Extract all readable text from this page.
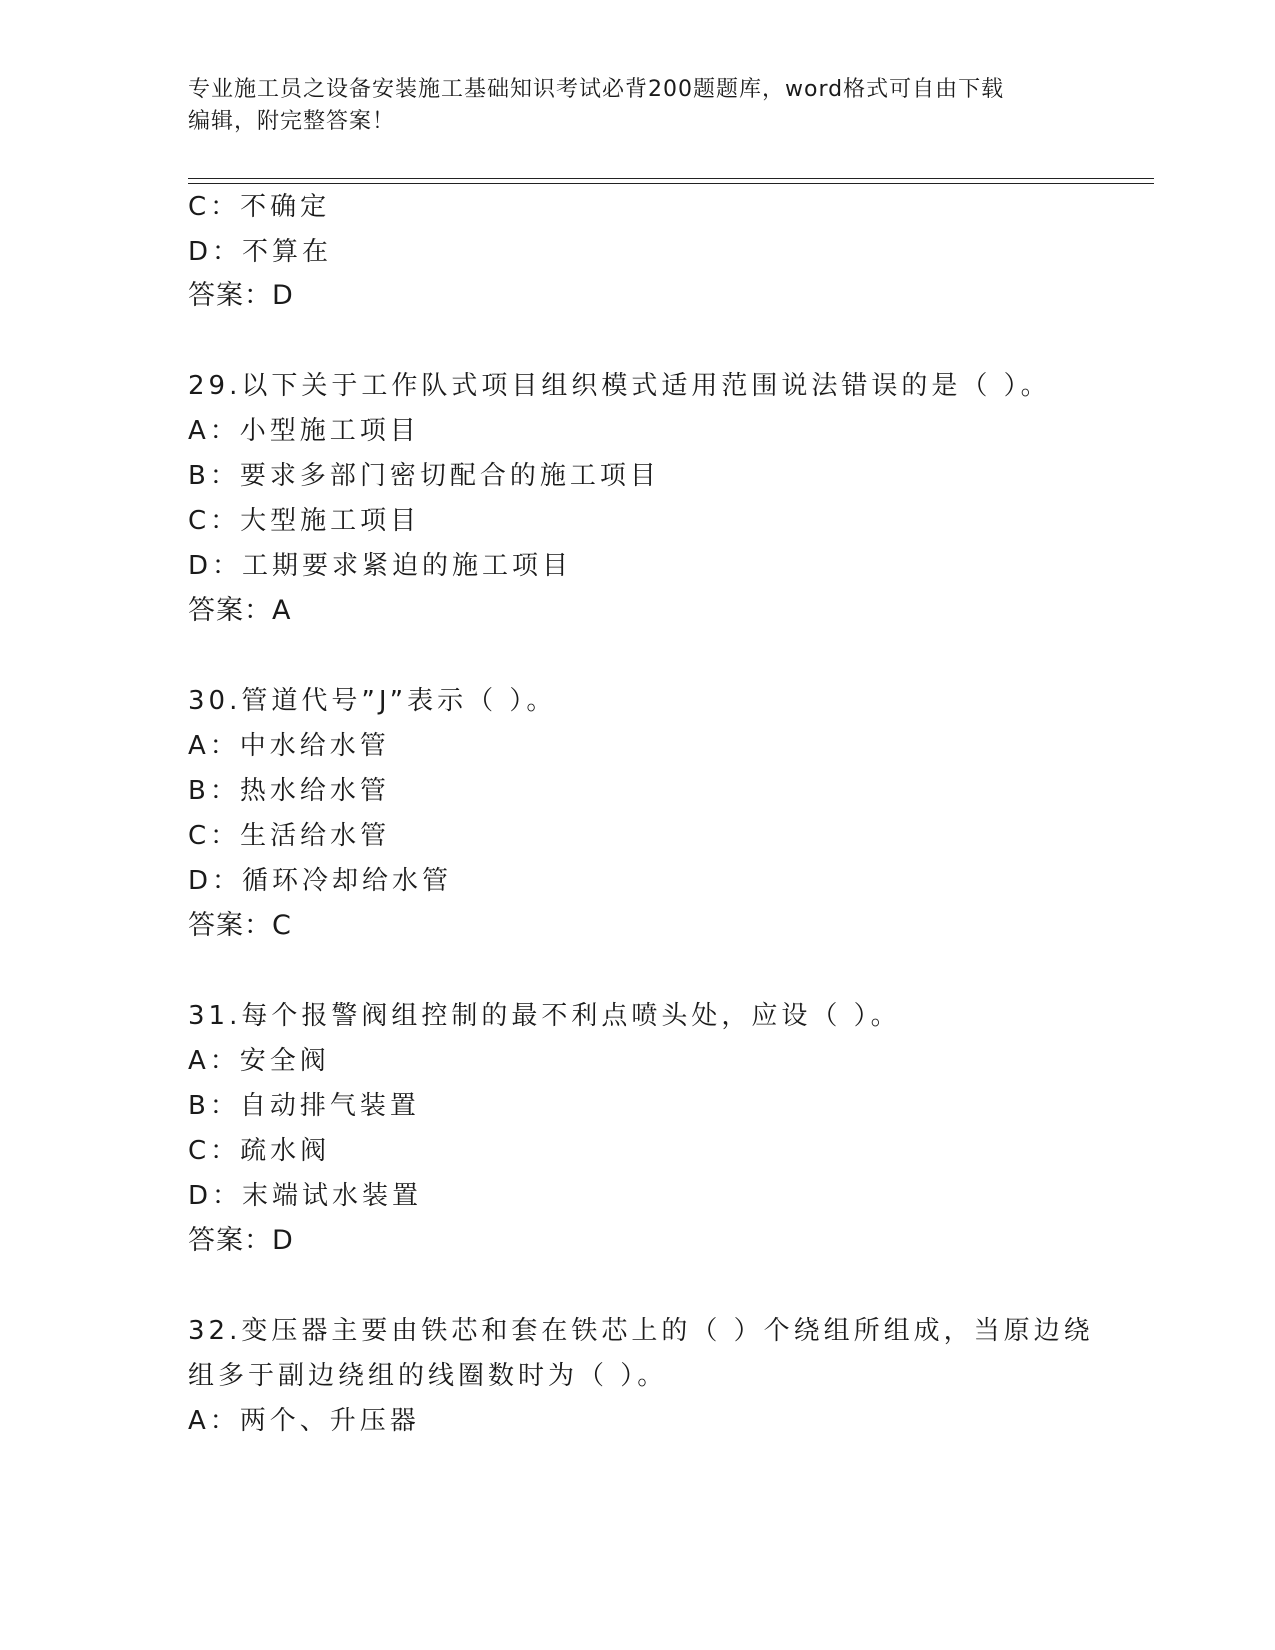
专业施工员之设备安装施工基础知识考试必背200题题库，word格式可自由下载
编辑，附完整答案！
C：不确定
D：不算在
答案：D
29.以下关于工作队式项目组织模式适用范围说法错误的是（ ）。
A：小型施工项目
B：要求多部门密切配合的施工项目
C：大型施工项目
D：工期要求紧迫的施工项目
答案：A
30.管道代号”J”表示（ ）。
A：中水给水管
B：热水给水管
C：生活给水管
D：循环冷却给水管
答案：C
31.每个报警阀组控制的最不利点喷头处，应设（ ）。
A：安全阀
B：自动排气装置
C：疏水阀
D：末端试水装置
答案：D
32.变压器主要由铁芯和套在铁芯上的（ ）个绕组所组成，当原边绕
组多于副边绕组的线圈数时为（ ）。
A：两个、升压器
